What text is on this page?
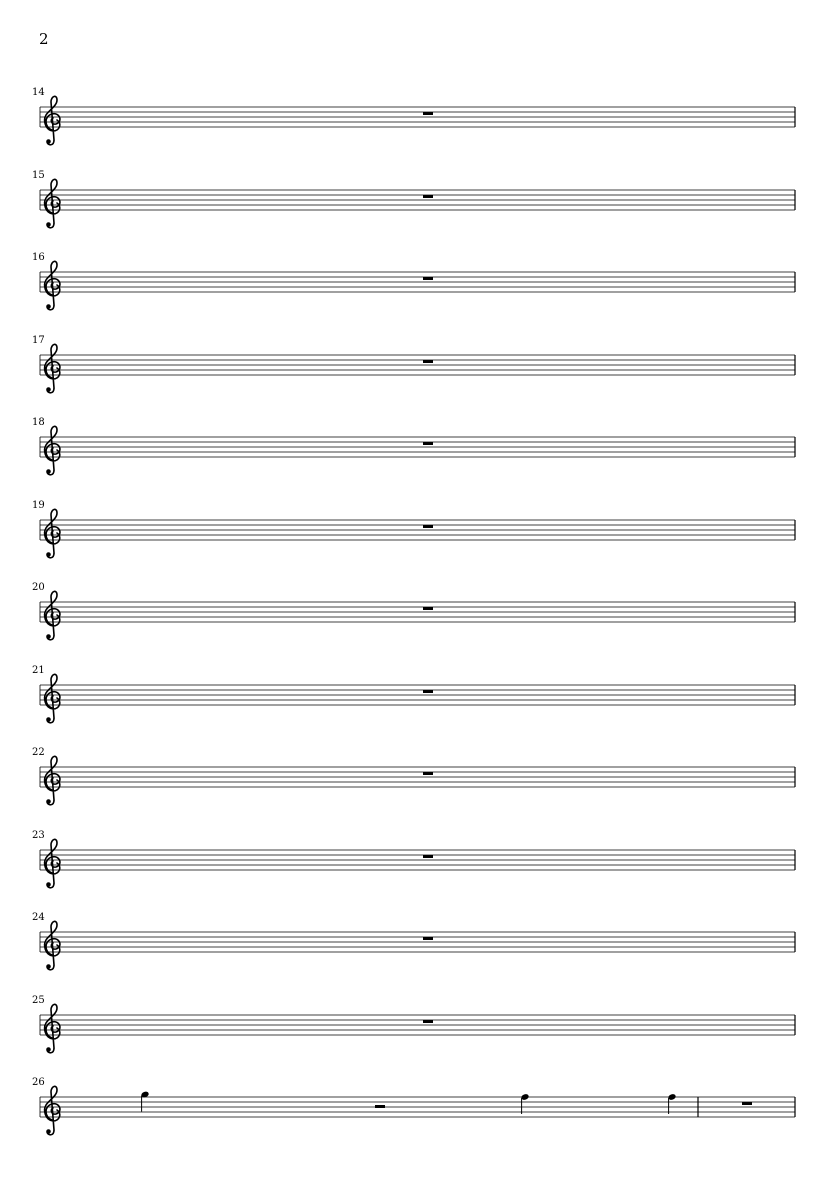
2
14
15
16
17
18
19
20
21
22
23
24
25
26
